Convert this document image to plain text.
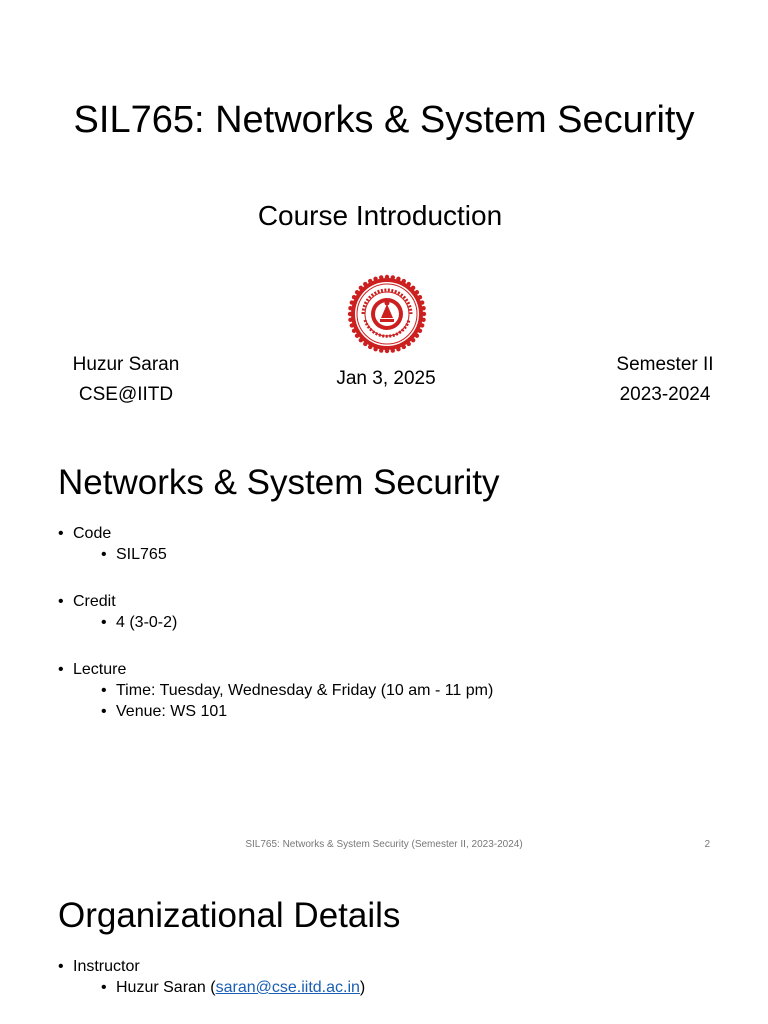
SIL765: Networks & System Security
Course Introduction
Huzur Saran
CSE@IITD
Jan 3, 2025
Semester II
2023-2024
Networks & System Security
• Code
• SIL765
• Credit
• 4 (3-0-2)
• Lecture
• Time: Tuesday, Wednesday & Friday (10 am - 11 pm)
• Venue: WS 101
SIL765: Networks & System Security (Semester II, 2023-2024)	2
Organizational Details
• Instructor
• Huzur Saran (saran@cse.iitd.ac.in)
